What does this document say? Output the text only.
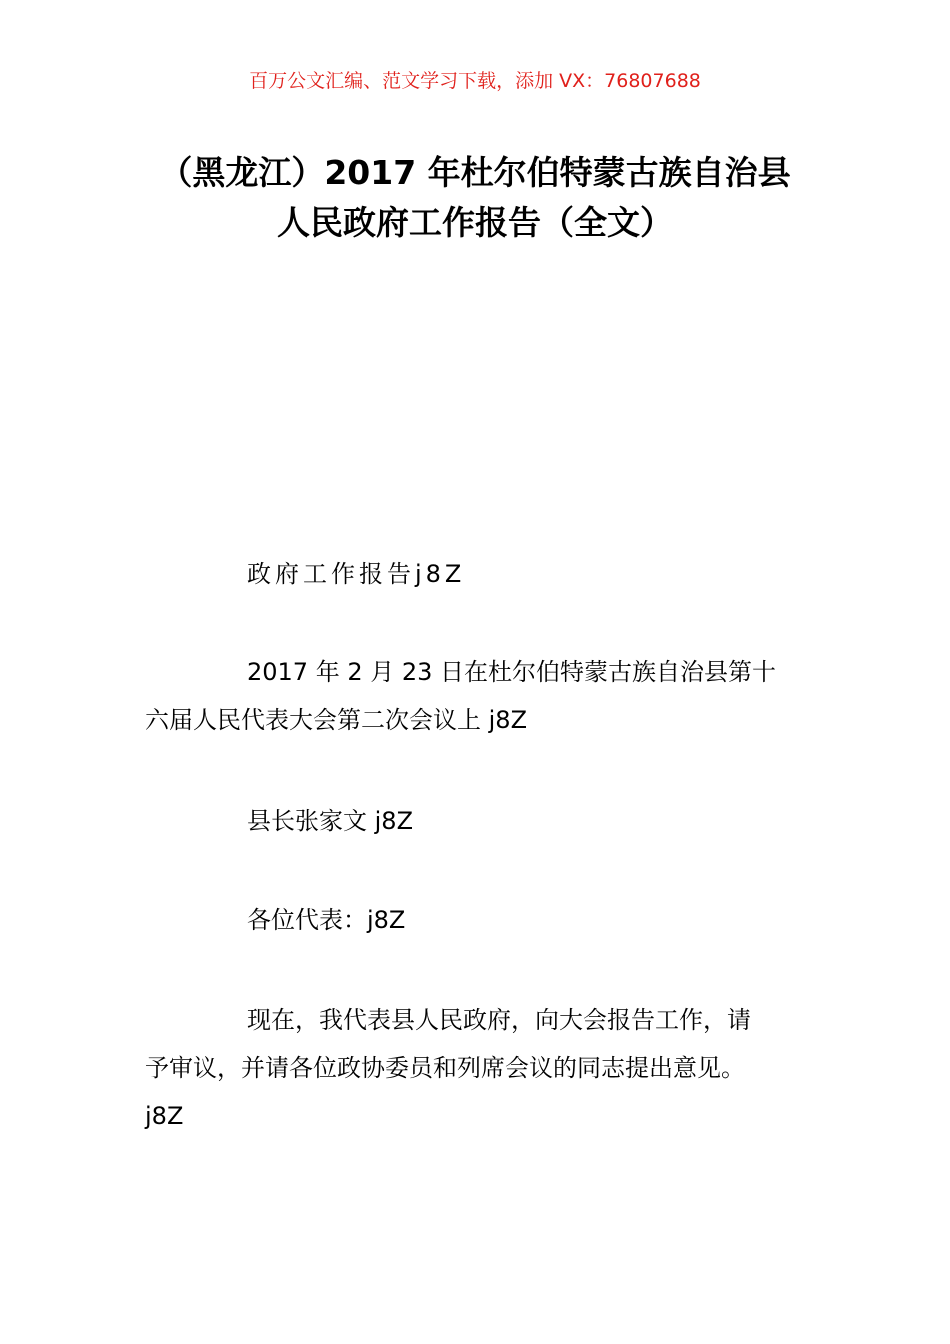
百万公文汇编、范文学习下载，添加 VX：76807688
（黑龙江）2017 年杜尔伯特蒙古族自治县
人民政府工作报告（全文）
政府工作报告j8Z
2017 年 2 月 23 日在杜尔伯特蒙古族自治县第十
六届人民代表大会第二次会议上 j8Z
县长张家文 j8Z
各位代表：j8Z
现在，我代表县人民政府，向大会报告工作，请
予审议，并请各位政协委员和列席会议的同志提出意见。
j8Z
